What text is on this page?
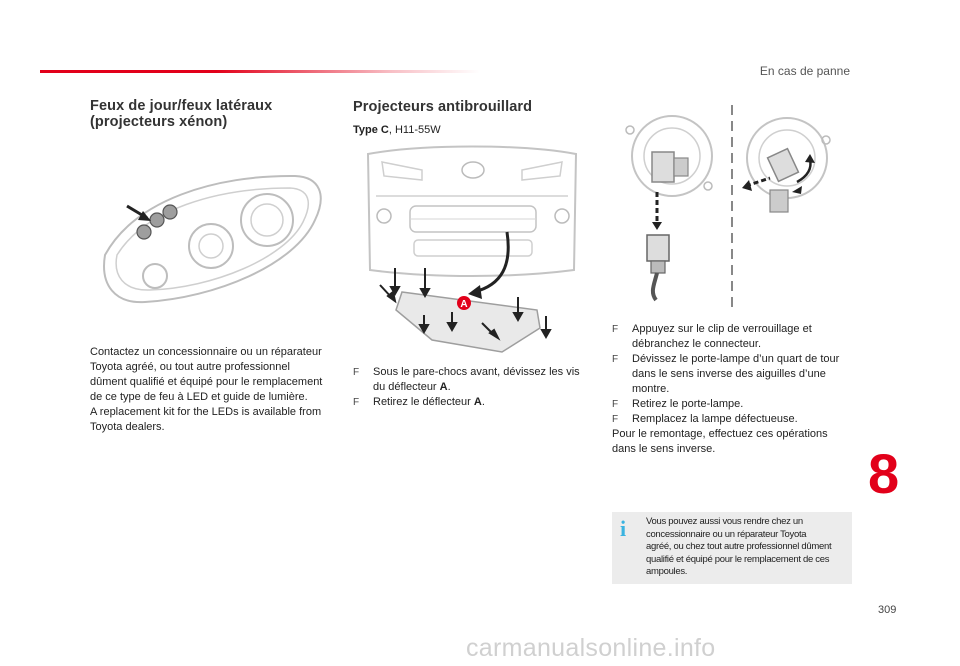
En cas de panne
Feux de jour/feux latéraux
(projecteurs xénon)
Contactez un concessionnaire ou un réparateur
Toyota agréé, ou tout autre professionnel
dûment qualifié et équipé pour le remplacement
de ce type de feu à LED et guide de lumière.
A replacement kit for the LEDs is available from
Toyota dealers.
Projecteurs antibrouillard
Type C, H11-55W
A
F Sous le pare-chocs avant, dévissez les vis
du déflecteur A.
F Retirez le déflecteur A.
F Appuyez sur le clip de verrouillage et
débranchez le connecteur.
F Dévissez le porte-lampe d’un quart de tour
dans le sens inverse des aiguilles d’une
montre.
F Retirez le porte-lampe.
F Remplacez la lampe défectueuse.
Pour le remontage, effectuez ces opérations
dans le sens inverse.
i Vous pouvez aussi vous rendre chez un
concessionnaire ou un réparateur Toyota
agréé, ou chez tout autre professionnel dûment
qualifié et équipé pour le remplacement de ces
ampoules.
8
309
carmanualsonline.info
